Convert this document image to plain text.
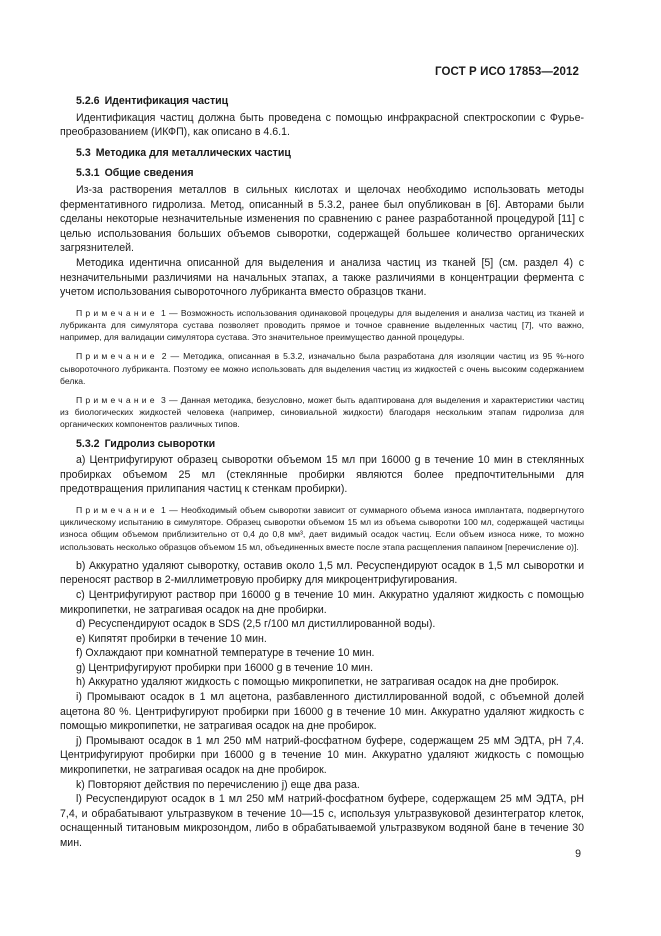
ГОСТ Р ИСО 17853—2012
5.2.6 Идентификация частиц

Идентификация частиц должна быть проведена с помощью инфракрасной спектроскопии с Фурье-преобразованием (ИКФП), как описано в 4.6.1.

5.3 Методика для металлических частиц
5.3.1 Общие сведения

Из-за растворения металлов в сильных кислотах и щелочах необходимо использовать методы ферментативного гидролиза. Метод, описанный в 5.3.2, ранее был опубликован в [6]. Авторами были сделаны некоторые незначительные изменения по сравнению с ранее разработанной процедурой [11] с целью использования больших объемов сыворотки, содержащей большее количество органических загрязнителей.

Методика идентична описанной для выделения и анализа частиц из тканей [5] (см. раздел 4) с незначительными различиями на начальных этапах, а также различиями в концентрации фермента с учетом использования сывороточного лубриканта вместо образцов ткани.

Примечание 1 — Возможность использования одинаковой процедуры для выделения и анализа частиц из тканей и лубриканта для симулятора сустава позволяет проводить прямое и точное сравнение выделенных частиц [7], что важно, например, для валидации симулятора сустава. Это значительное преимущество данной процедуры.
Примечание 2 — Методика, описанная в 5.3.2, изначально была разработана для изоляции частиц из 95 %-ного сывороточного лубриканта. Поэтому ее можно использовать для выделения частиц из жидкостей с очень высоким содержанием белка.
Примечание 3 — Данная методика, безусловно, может быть адаптирована для выделения и характеристики частиц из биологических жидкостей человека (например, синовиальной жидкости) благодаря нескольким этапам гидролиза для органических компонентов различных типов.
5.3.2 Гидролиз сыворотки

а) Центрифугируют образец сыворотки объемом 15 мл при 16000 g в течение 10 мин в стеклянных пробирках объемом 25 мл (стеклянные пробирки являются более предпочтительными для предотвращения прилипания частиц к стенкам пробирки).

Примечание 1 — Необходимый объем сыворотки зависит от суммарного объема износа имплантата, подвергнутого циклическому испытанию в симуляторе. Образец сыворотки объемом 15 мл из объема сыворотки 100 мл, содержащей частицы износа общим объемом приблизительно от 0,4 до 0,8 мм³, дает видимый осадок частиц. Если объем износа ниже, то можно использовать несколько образцов объемом 15 мл, объединенных вместе после этапа расщепления папаином [перечисление о)].

b) Аккуратно удаляют сыворотку, оставив около 1,5 мл. Ресуспендируют осадок в 1,5 мл сыворотки и переносят раствор в 2-миллиметровую пробирку для микроцентрифугирования.

с) Центрифугируют раствор при 16000 g в течение 10 мин. Аккуратно удаляют жидкость с помощью микропипетки, не затрагивая осадок на дне пробирки.

d) Ресуспендируют осадок в SDS (2,5 г/100 мл дистиллированной воды).

е) Кипятят пробирки в течение 10 мин.

f) Охлаждают при комнатной температуре в течение 10 мин.

g) Центрифугируют пробирки при 16000 g в течение 10 мин.

h) Аккуратно удаляют жидкость с помощью микропипетки, не затрагивая осадок на дне пробирок.

i) Промывают осадок в 1 мл ацетона, разбавленного дистиллированной водой, с объемной долей ацетона 80 %. Центрифугируют пробирки при 16000 g в течение 10 мин. Аккуратно удаляют жидкость с помощью микропипетки, не затрагивая осадок на дне пробирок.

j) Промывают осадок в 1 мл 250 мМ натрий-фосфатном буфере, содержащем 25 мМ ЭДТА, pH 7,4. Центрифугируют пробирки при 16000 g в течение 10 мин. Аккуратно удаляют жидкость с помощью микропипетки, не затрагивая осадок на дне пробирок.

k) Повторяют действия по перечислению j) еще два раза.

l) Ресуспендируют осадок в 1 мл 250 мМ натрий-фосфатном буфере, содержащем 25 мМ ЭДТА, pH 7,4, и обрабатывают ультразвуком в течение 10—15 с, используя ультразвуковой дезинтегратор клеток, оснащенный титановым микрозондом, либо в обрабатываемой ультразвуком водяной бане в течение 30 мин.

9
